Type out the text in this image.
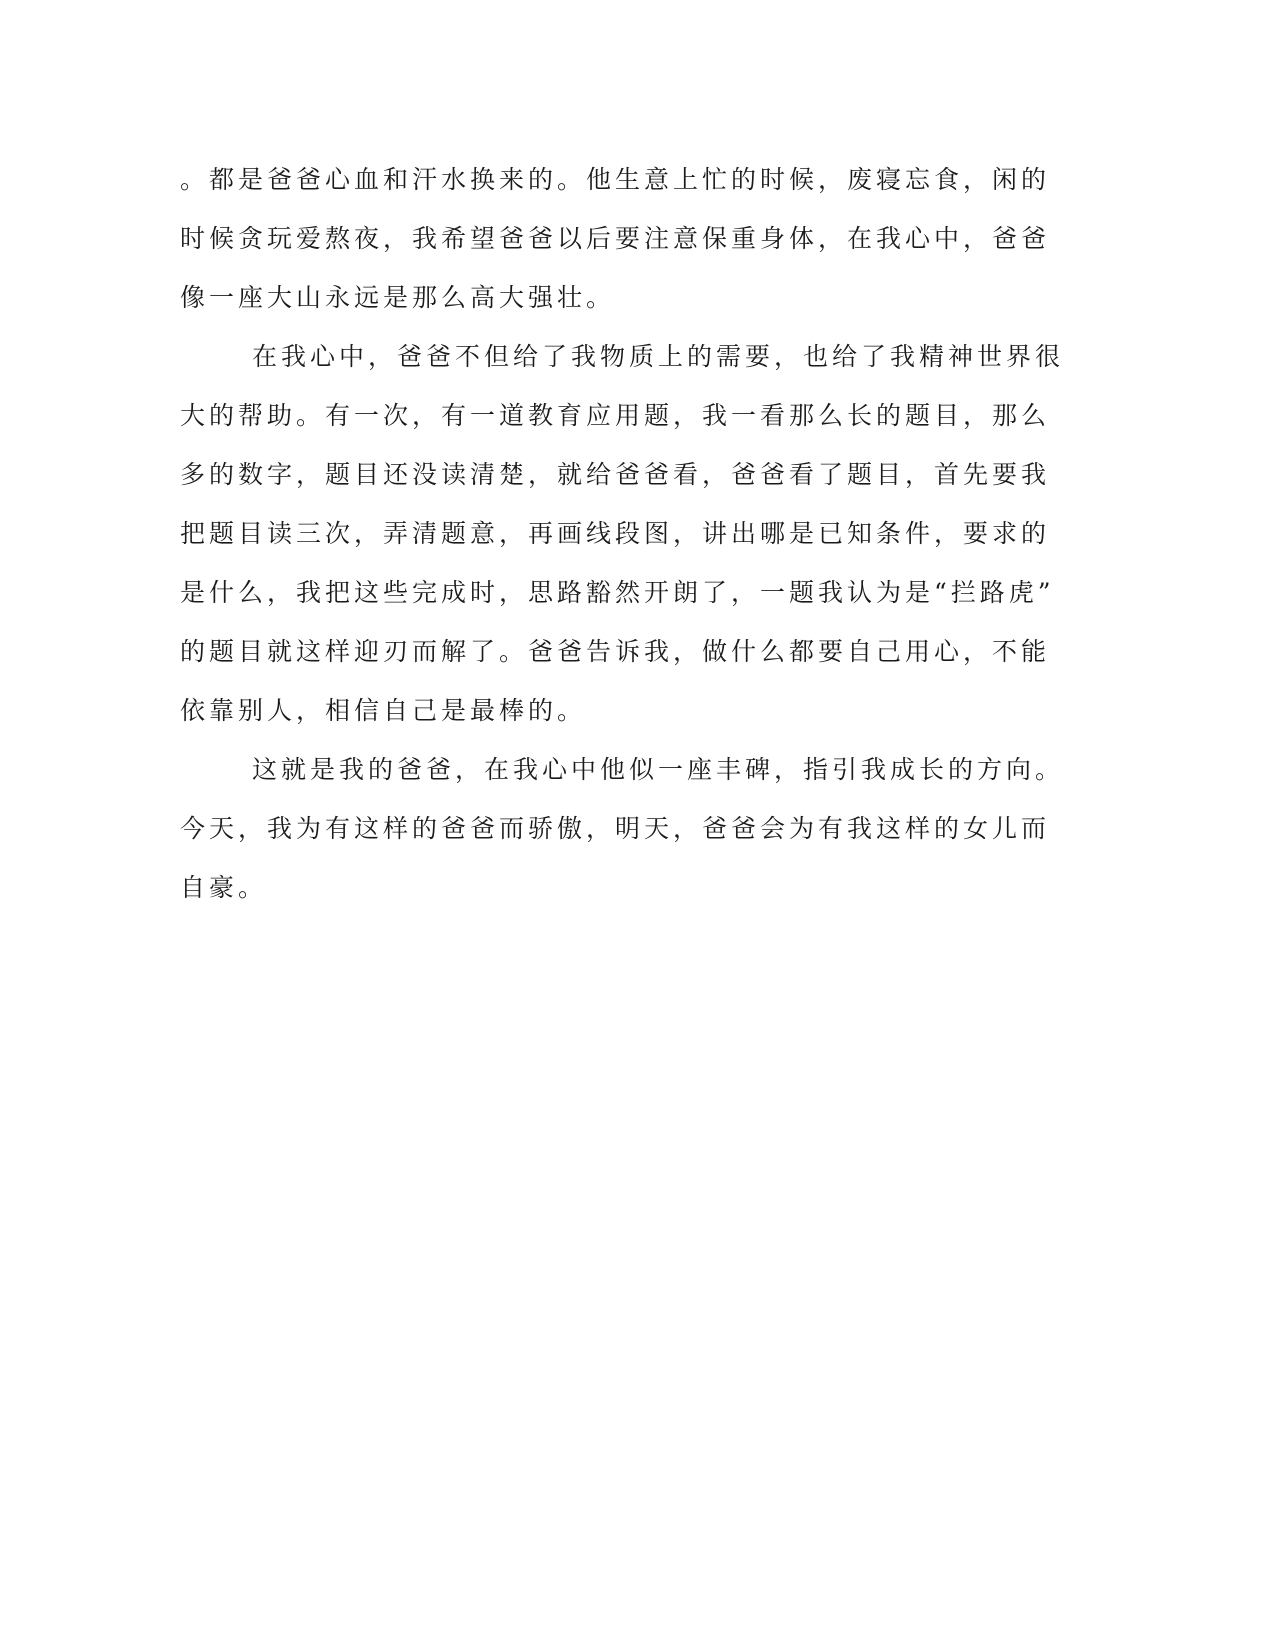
。都是爸爸心血和汗水换来的。他生意上忙的时候，废寝忘食，闲的
时候贪玩爱熬夜，我希望爸爸以后要注意保重身体，在我心中，爸爸
像一座大山永远是那么高大强壮。
在我心中，爸爸不但给了我物质上的需要，也给了我精神世界很
大的帮助。有一次，有一道教育应用题，我一看那么长的题目，那么
多的数字，题目还没读清楚，就给爸爸看，爸爸看了题目，首先要我
把题目读三次，弄清题意，再画线段图，讲出哪是已知条件，要求的
是什么，我把这些完成时，思路豁然开朗了，一题我认为是“拦路虎”
的题目就这样迎刃而解了。爸爸告诉我，做什么都要自己用心，不能
依靠别人，相信自己是最棒的。
这就是我的爸爸，在我心中他似一座丰碑，指引我成长的方向。
今天，我为有这样的爸爸而骄傲，明天，爸爸会为有我这样的女儿而
自豪。
